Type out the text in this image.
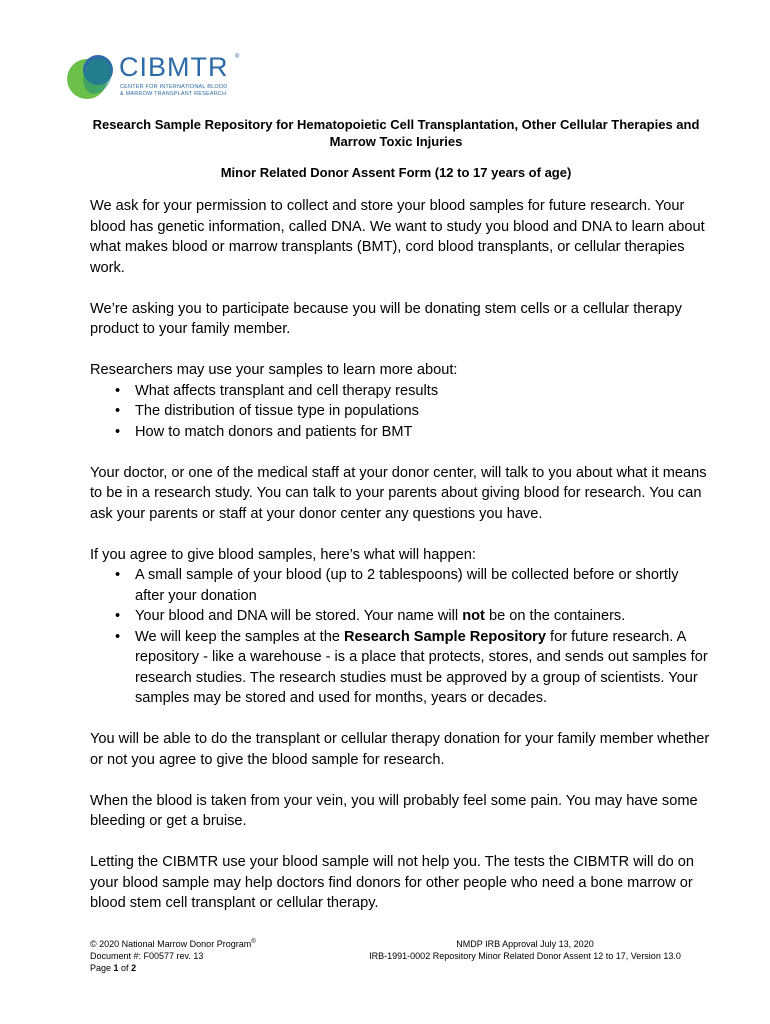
CIBMTR ®
CENTER FOR INTERNATIONAL BLOOD
& MARROW TRANSPLANT RESEARCH
Research Sample Repository for Hematopoietic Cell Transplantation, Other Cellular Therapies and Marrow Toxic Injuries
Minor Related Donor Assent Form (12 to 17 years of age)

We ask for your permission to collect and store your blood samples for future research. Your blood has genetic information, called DNA. We want to study you blood and DNA to learn about what makes blood or marrow transplants (BMT), cord blood transplants, or cellular therapies work.

We’re asking you to participate because you will be donating stem cells or a cellular therapy product to your family member.

Researchers may use your samples to learn more about:

• What affects transplant and cell therapy results
• The distribution of tissue type in populations
• How to match donors and patients for BMT

Your doctor, or one of the medical staff at your donor center, will talk to you about what it means to be in a research study. You can talk to your parents about giving blood for research. You can ask your parents or staff at your donor center any questions you have.

If you agree to give blood samples, here’s what will happen:

• A small sample of your blood (up to 2 tablespoons) will be collected before or shortly after your donation
• Your blood and DNA will be stored. Your name will not be on the containers.
• We will keep the samples at the Research Sample Repository for future research. A repository - like a warehouse - is a place that protects, stores, and sends out samples for research studies. The research studies must be approved by a group of scientists. Your samples may be stored and used for months, years or decades.

You will be able to do the transplant or cellular therapy donation for your family member whether or not you agree to give the blood sample for research.

When the blood is taken from your vein, you will probably feel some pain. You may have some bleeding or get a bruise.

Letting the CIBMTR use your blood sample will not help you. The tests the CIBMTR will do on your blood sample may help doctors find donors for other people who need a bone marrow or blood stem cell transplant or cellular therapy.

© 2020 National Marrow Donor Program®
Document #: F00577 rev. 13
Page 1 of 2
NMDP IRB Approval July 13, 2020
IRB-1991-0002 Repository Minor Related Donor Assent 12 to 17, Version 13.0
